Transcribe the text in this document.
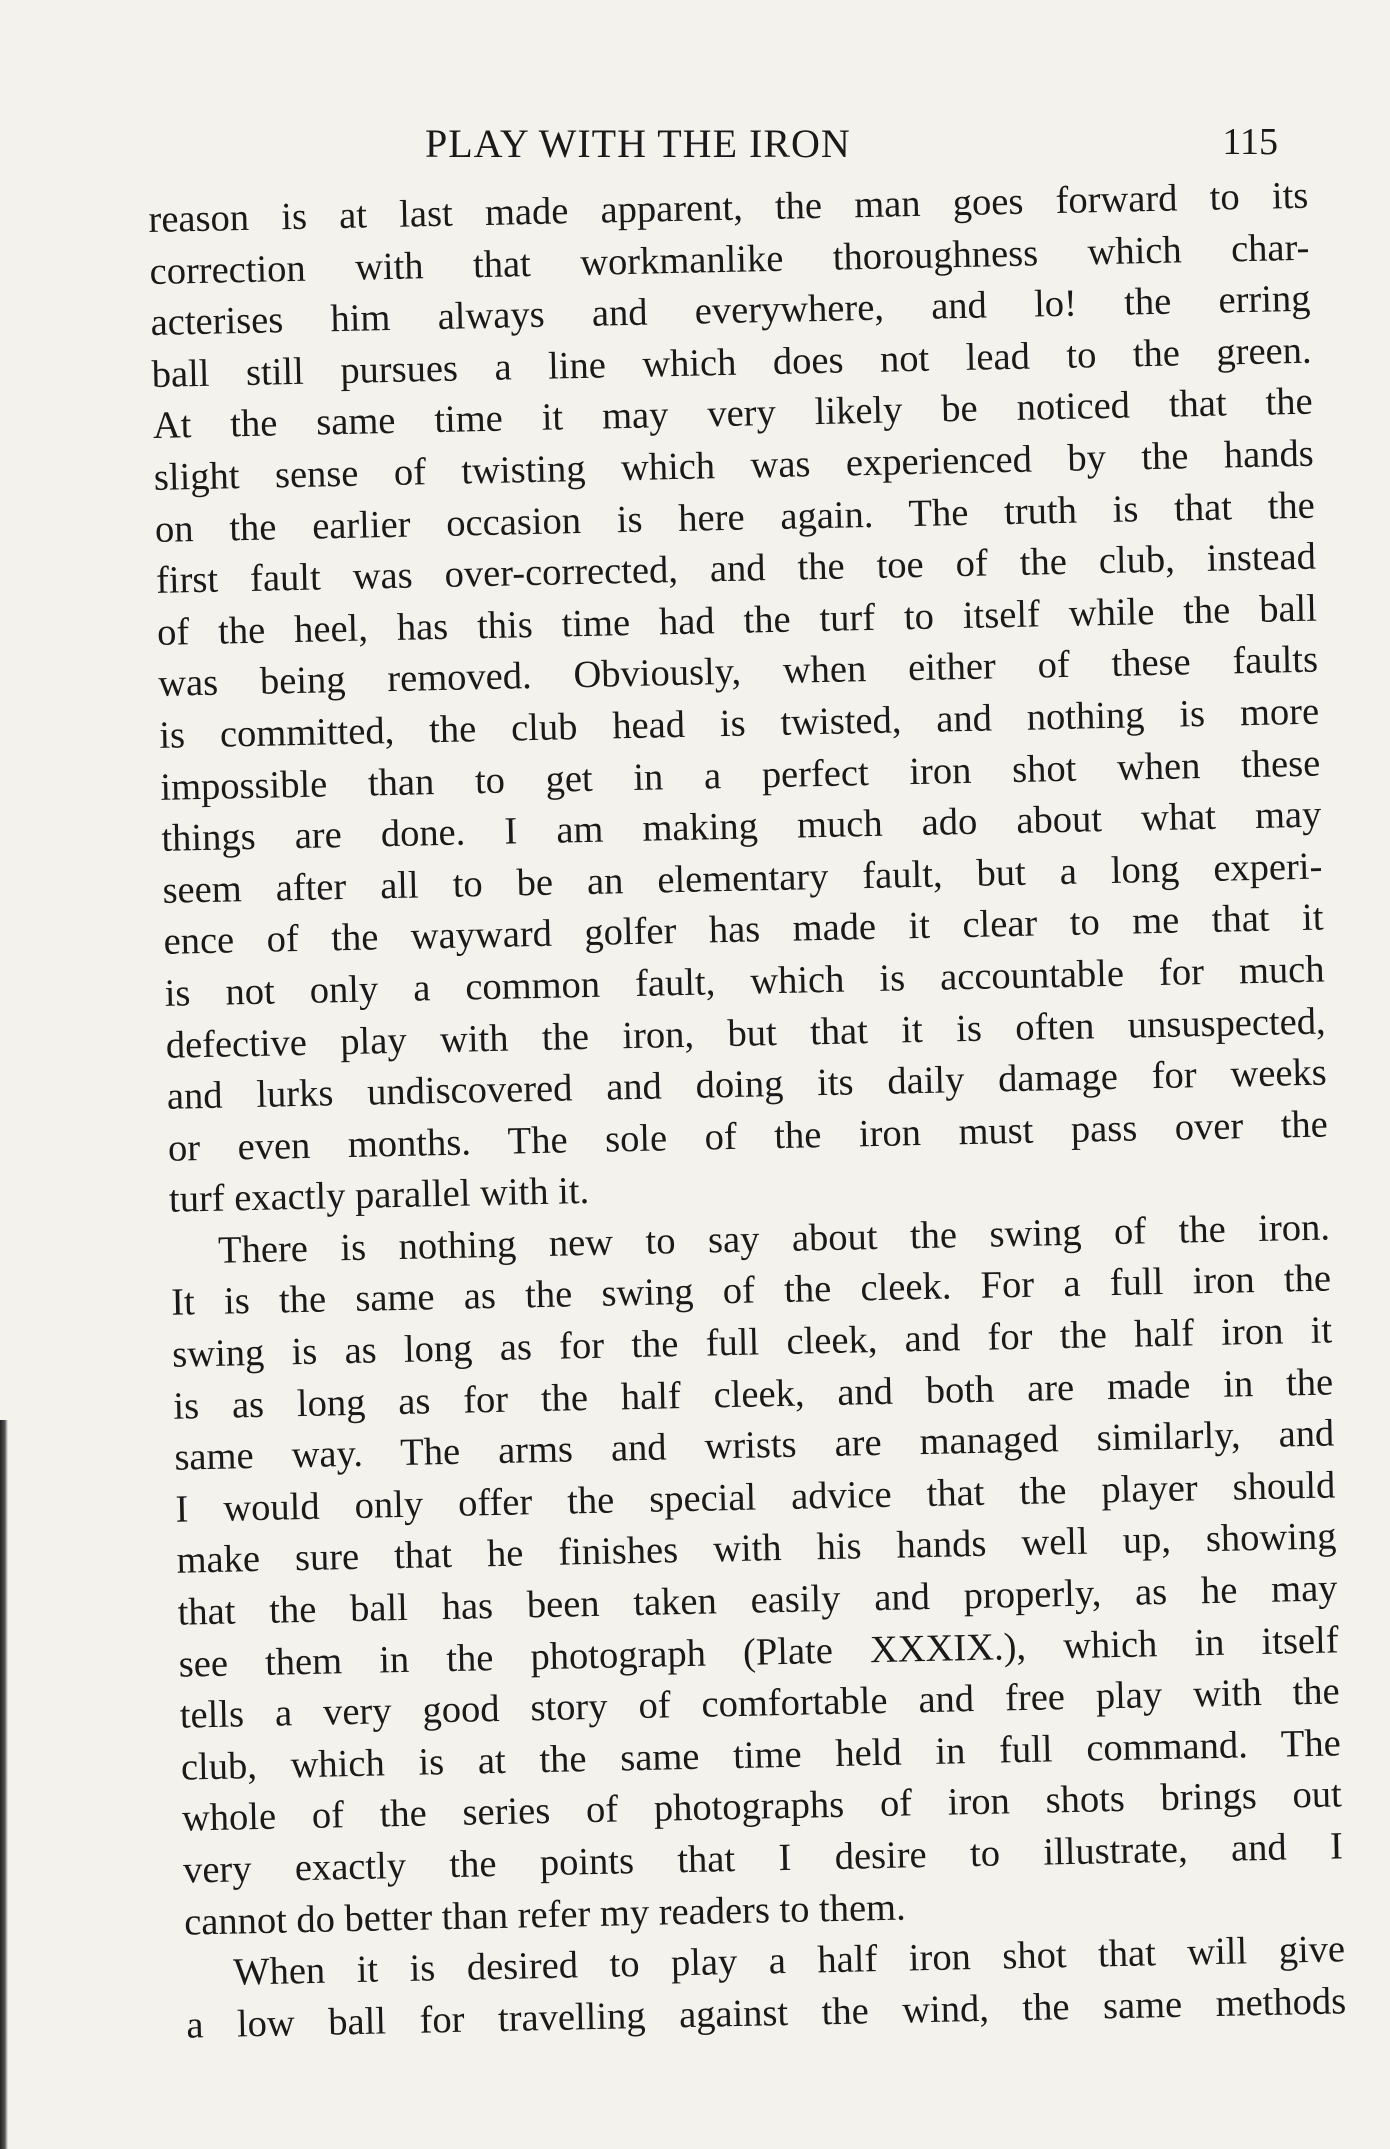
PLAY WITH THE IRON	115
reason is at last made apparent, the man goes forward to its
correction with that workmanlike thoroughness which char-
acterises him always and everywhere, and lo! the erring
ball still pursues a line which does not lead to the green.
At the same time it may very likely be noticed that the
slight sense of twisting which was experienced by the hands
on the earlier occasion is here again. The truth is that the
first fault was over-corrected, and the toe of the club, instead
of the heel, has this time had the turf to itself while the ball
was being removed. Obviously, when either of these faults
is committed, the club head is twisted, and nothing is more
impossible than to get in a perfect iron shot when these
things are done. I am making much ado about what may
seem after all to be an elementary fault, but a long experi-
ence of the wayward golfer has made it clear to me that it
is not only a common fault, which is accountable for much
defective play with the iron, but that it is often unsuspected,
and lurks undiscovered and doing its daily damage for weeks
or even months. The sole of the iron must pass over the
turf exactly parallel with it.
There is nothing new to say about the swing of the iron.
It is the same as the swing of the cleek. For a full iron the
swing is as long as for the full cleek, and for the half iron it
is as long as for the half cleek, and both are made in the
same way. The arms and wrists are managed similarly, and
I would only offer the special advice that the player should
make sure that he finishes with his hands well up, showing
that the ball has been taken easily and properly, as he may
see them in the photograph (Plate XXXIX.), which in itself
tells a very good story of comfortable and free play with the
club, which is at the same time held in full command. The
whole of the series of photographs of iron shots brings out
very exactly the points that I desire to illustrate, and I
cannot do better than refer my readers to them.
When it is desired to play a half iron shot that will give
a low ball for travelling against the wind, the same methods
